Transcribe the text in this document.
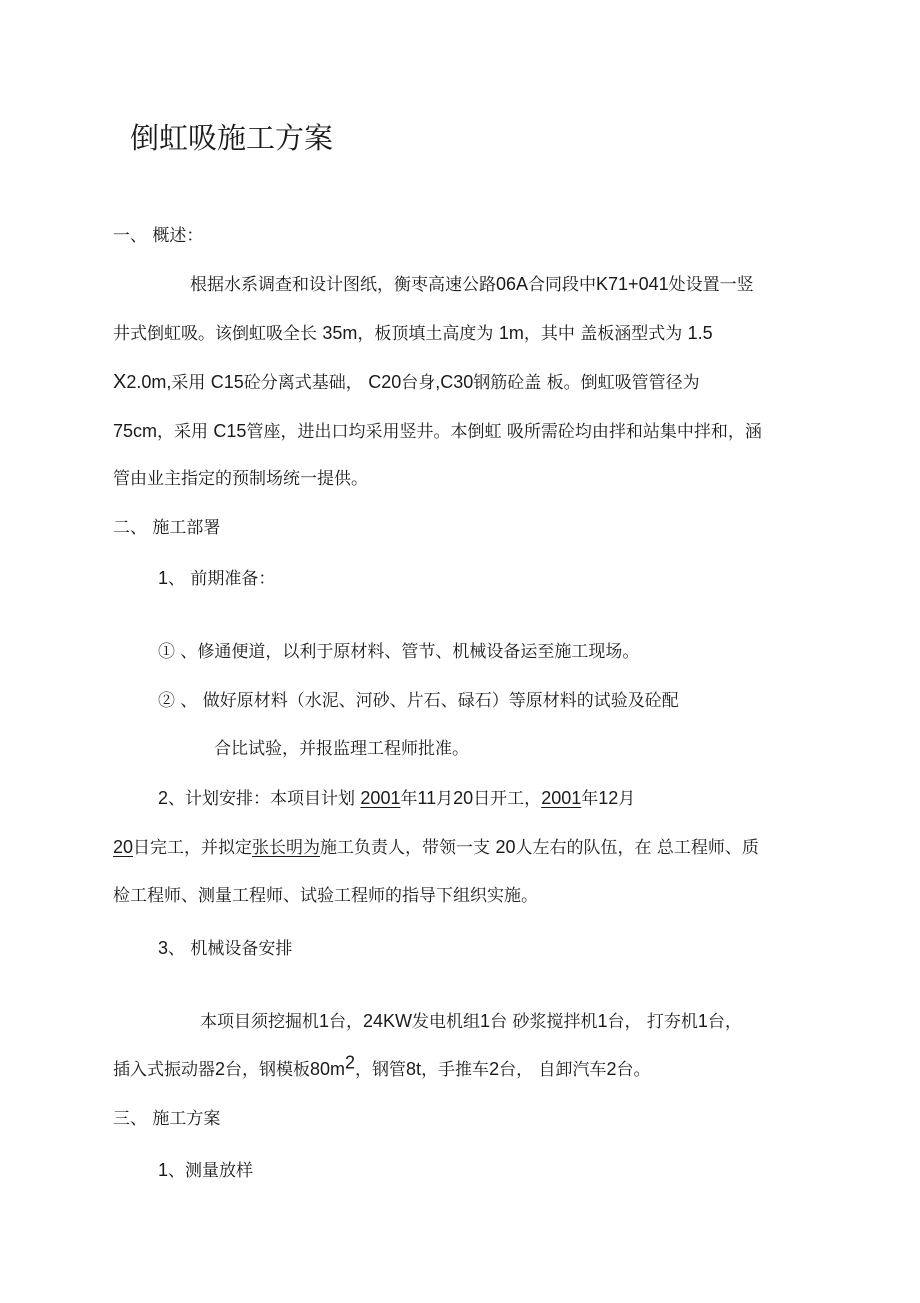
倒虹吸施工方案
一、 概述：
根据水系调查和设计图纸，衡枣高速公路06A合同段中K71+041处设置一竖
井式倒虹吸。该倒虹吸全长 35m，板顶填土高度为 1m，其中 盖板涵型式为 1.5
X2.0m,采用 C15砼分离式基础， C20台身,C30钢筋砼盖 板。倒虹吸管管径为
75cm，采用 C15管座，进出口均采用竖井。本倒虹 吸所需砼均由拌和站集中拌和，涵
管由业主指定的预制场统一提供。
二、 施工部署
1、 前期准备：
① 、修通便道，以利于原材料、管节、机械设备运至施工现场。
② 、 做好原材料（水泥、河砂、片石、碌石）等原材料的试验及砼配
合比试验，并报监理工程师批准。
2、计划安排：本项目计划 2001年11月20日开工，2001年12月
20日完工，并拟定张长明为施工负责人，带领一支 20人左右的队伍，在 总工程师、质
检工程师、测量工程师、试验工程师的指导下组织实施。
3、 机械设备安排
本项目须挖掘机1台，24KW发电机组1台 砂浆搅拌机1台， 打夯机1台，
插入式振动器2台，钢模板$80m^2$，钢管8t，手推车2台， 自卸汽车2台。
三、 施工方案
1、测量放样
